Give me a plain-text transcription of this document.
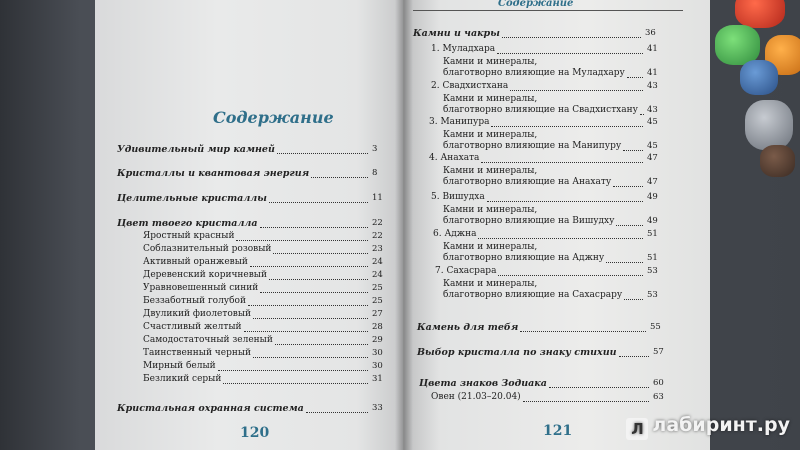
Содержание
Удивительный мир камней	3
Кристаллы и квантовая энергия	8
Целительные кристаллы	11
Цвет твоего кристалла	22
Яростный красный	22
Соблазнительный розовый	23
Активный оранжевый	24
Деревенский коричневый	24
Уравновешенный синий	25
Беззаботный голубой	25
Двуликий фиолетовый	27
Счастливый желтый	28
Самодостаточный зеленый	29
Таинственный черный	30
Мирный белый	30
Безликий серый	31
Кристальная охранная система	33
120
Содержание
Камни и чакры	36
1. Муладхара	41
Камни и минералы,
благотворно влияющие на Муладхару	41
2. Свадхистхана	43
Камни и минералы,
благотворно влияющие на Свадхистхану 43
3. Манипура	45
Камни и минералы,
благотворно влияющие на Манипуру	45
4. Анахата	47
Камни и минералы,
благотворно влияющие на Анахату	47
5. Вишудха	49
Камни и минералы,
благотворно влияющие на Вишудху	49
6. Аджна	51
Камни и минералы,
благотворно влияющие на Аджну	51
7. Сахасрара	53
Камни и минералы,
благотворно влияющие на Сахасрару	53
Камень для тебя	55
Выбор кристалла по знаку стихии	57
Цвета знаков Зодиака	60
Овен (21.03–20.04)	63
121	Л лабиринт.ру
